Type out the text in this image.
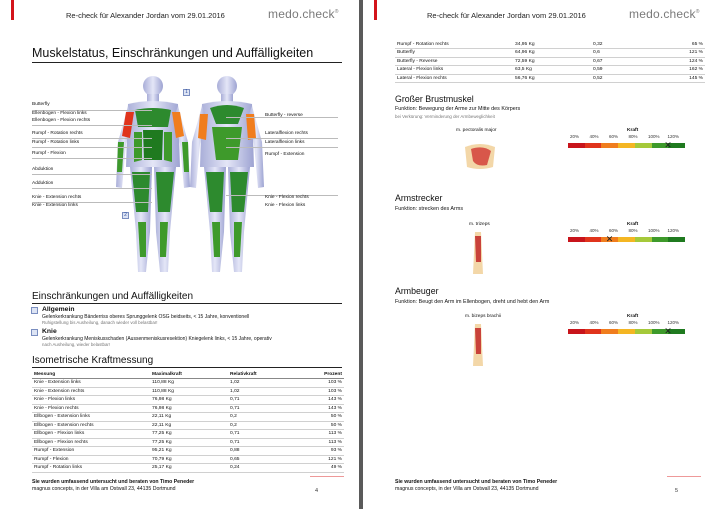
Re-check für Alexander Jordan vom 29.01.2016	medo.check®
Muskelstatus, Einschränkungen und Auffälligkeiten
1
2
Butterfly
Ellenbogen - Flexion links
Ellenbogen - Flexion rechts
Rumpf - Rotation rechts
Rumpf - Rotation links
Rumpf - Flexion
Abduktion
Adduktion
Knie - Extension rechts
Knie - Extension links
Butterfly - reverse
Lateralflexion rechts
Lateralflexion links
Rumpf - Extension
Knie - Flexion rechts
Knie - Flexion links
Einschränkungen und Auffälligkeiten
Allgemein
Gelenkerkrankung Bänderriss oberes Sprunggelenk OSG beidseits, < 15 Jahre, konventionell
Ruhigstellung bis Ausheilung, danach wieder voll belastbar!
Knie
Gelenkerkrankung Meniskusschaden (Aussenmeniskusresektion) Kniegelenk links, < 15 Jahre, operativ
nach Ausheilung, wieder belastbar!
Isometrische Kraftmessung
Messung	Maximalkraft	Relativkraft	Prozent
Knie - Extension links	110,88 Kg	1,02	103 %
Knie - Extension rechts	110,88 Kg	1,02	103 %
Knie - Flexion links	76,98 Kg	0,71	143 %
Knie - Flexion rechts	76,98 Kg	0,71	143 %
Ellbogen - Extension links	22,11 Kg	0,2	50 %
Ellbogen - Extension rechts	22,11 Kg	0,2	50 %
Ellbogen - Flexion links	77,25 Kg	0,71	113 %
Ellbogen - Flexion rechts	77,25 Kg	0,71	113 %
Rumpf - Extension	95,21 Kg	0,88	93 %
Rumpf - Flexion	70,79 Kg	0,65	121 %
Rumpf - Rotation links	25,17 Kg	0,24	49 %
Sie wurden umfassend untersucht und beraten von Timo Peneder
magnus concepts, in der Villa am Ostwall 23, 44135 Dortmund	4
Re-check für Alexander Jordan vom 29.01.2016	medo.check®
Rumpf - Rotation rechts	34,95 Kg	0,32	65 %
Butterfly	64,96 Kg	0,6	121 %
Butterfly - Reverse	72,59 Kg	0,67	124 %
Lateral - Flexion links	63,5 Kg	0,59	162 %
Lateral - Flexion rechts	56,76 Kg	0,52	145 %
Großer Brustmuskel
Funktion: Bewegung der Arme zur Mitte des Körpers
bei Verkürung: Verminderung der Armbeweglichkeit
m. pectoralis major	Kraft
20% 40% 60% 80% 100% 120%
✕
Armstrecker
Funktion: strecken des Arms
m. trizeps	Kraft
20% 40% 60% 80% 100% 120%
✕
Armbeuger
Funktion: Beugt den Arm im Ellenbogen, dreht und hebt den Arm
m. bizeps brachii	Kraft
20% 40% 60% 80% 100% 120%
✕
Sie wurden umfassend untersucht und beraten von Timo Peneder
magnus concepts, in der Villa am Ostwall 23, 44135 Dortmund	5
